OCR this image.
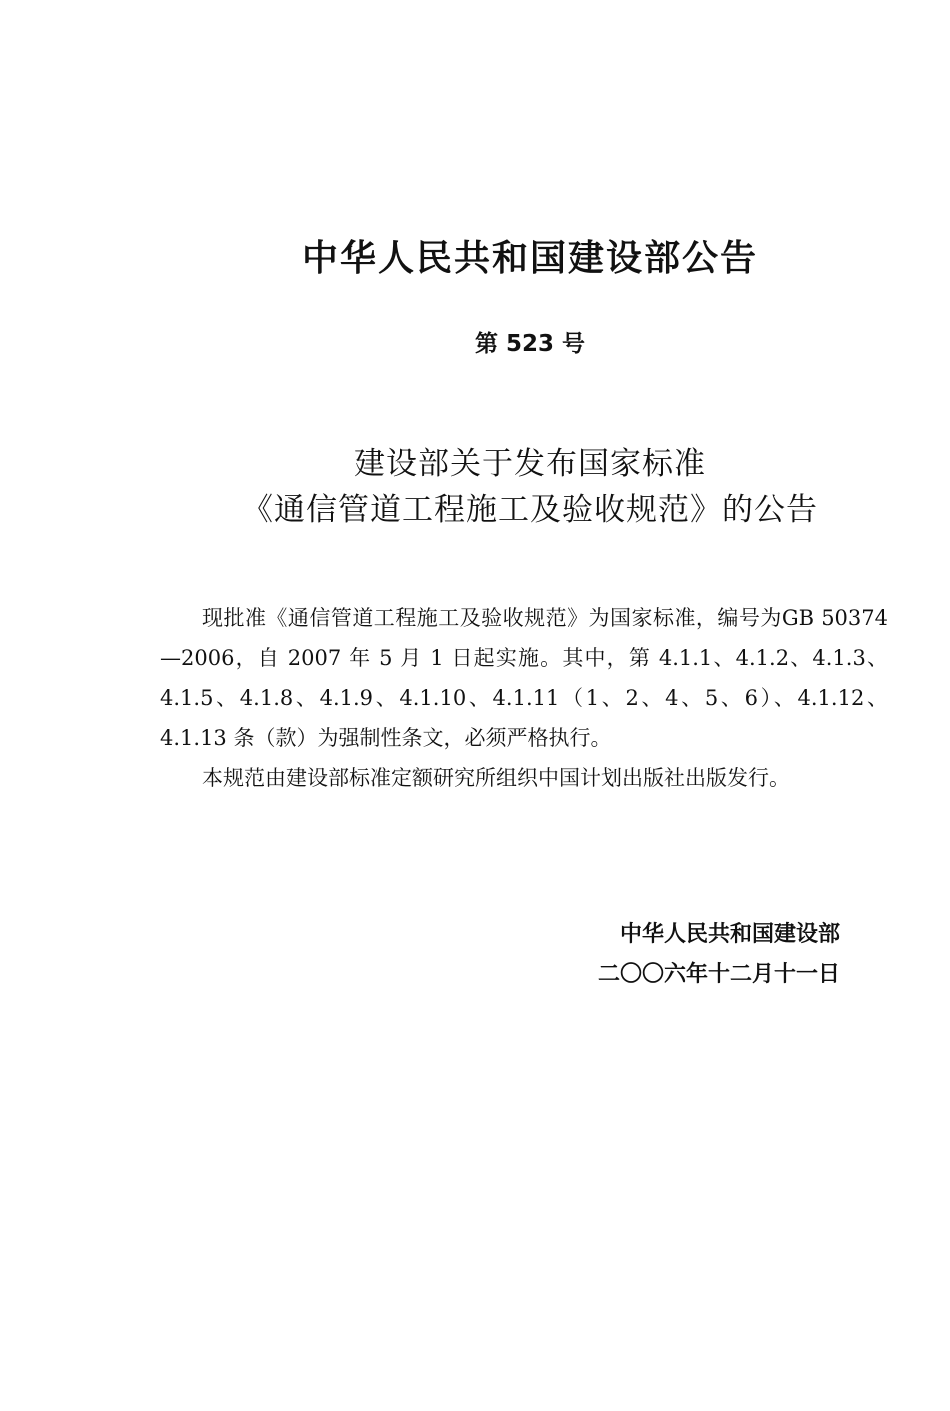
中华人民共和国建设部公告
第 523 号
建设部关于发布国家标准
《通信管道工程施工及验收规范》的公告

现批准《通信管道工程施工及验收规范》为国家标准，编号为GB 50374—2006，自 2007 年 5 月 1 日起实施。其中，第 4.1.1、4.1.2、4.1.3、4.1.5、4.1.8、4.1.9、4.1.10、4.1.11（1、2、4、5、6）、4.1.12、4.1.13 条（款）为强制性条文，必须严格执行。

本规范由建设部标准定额研究所组织中国计划出版社出版发行。

中华人民共和国建设部
二〇〇六年十二月十一日
